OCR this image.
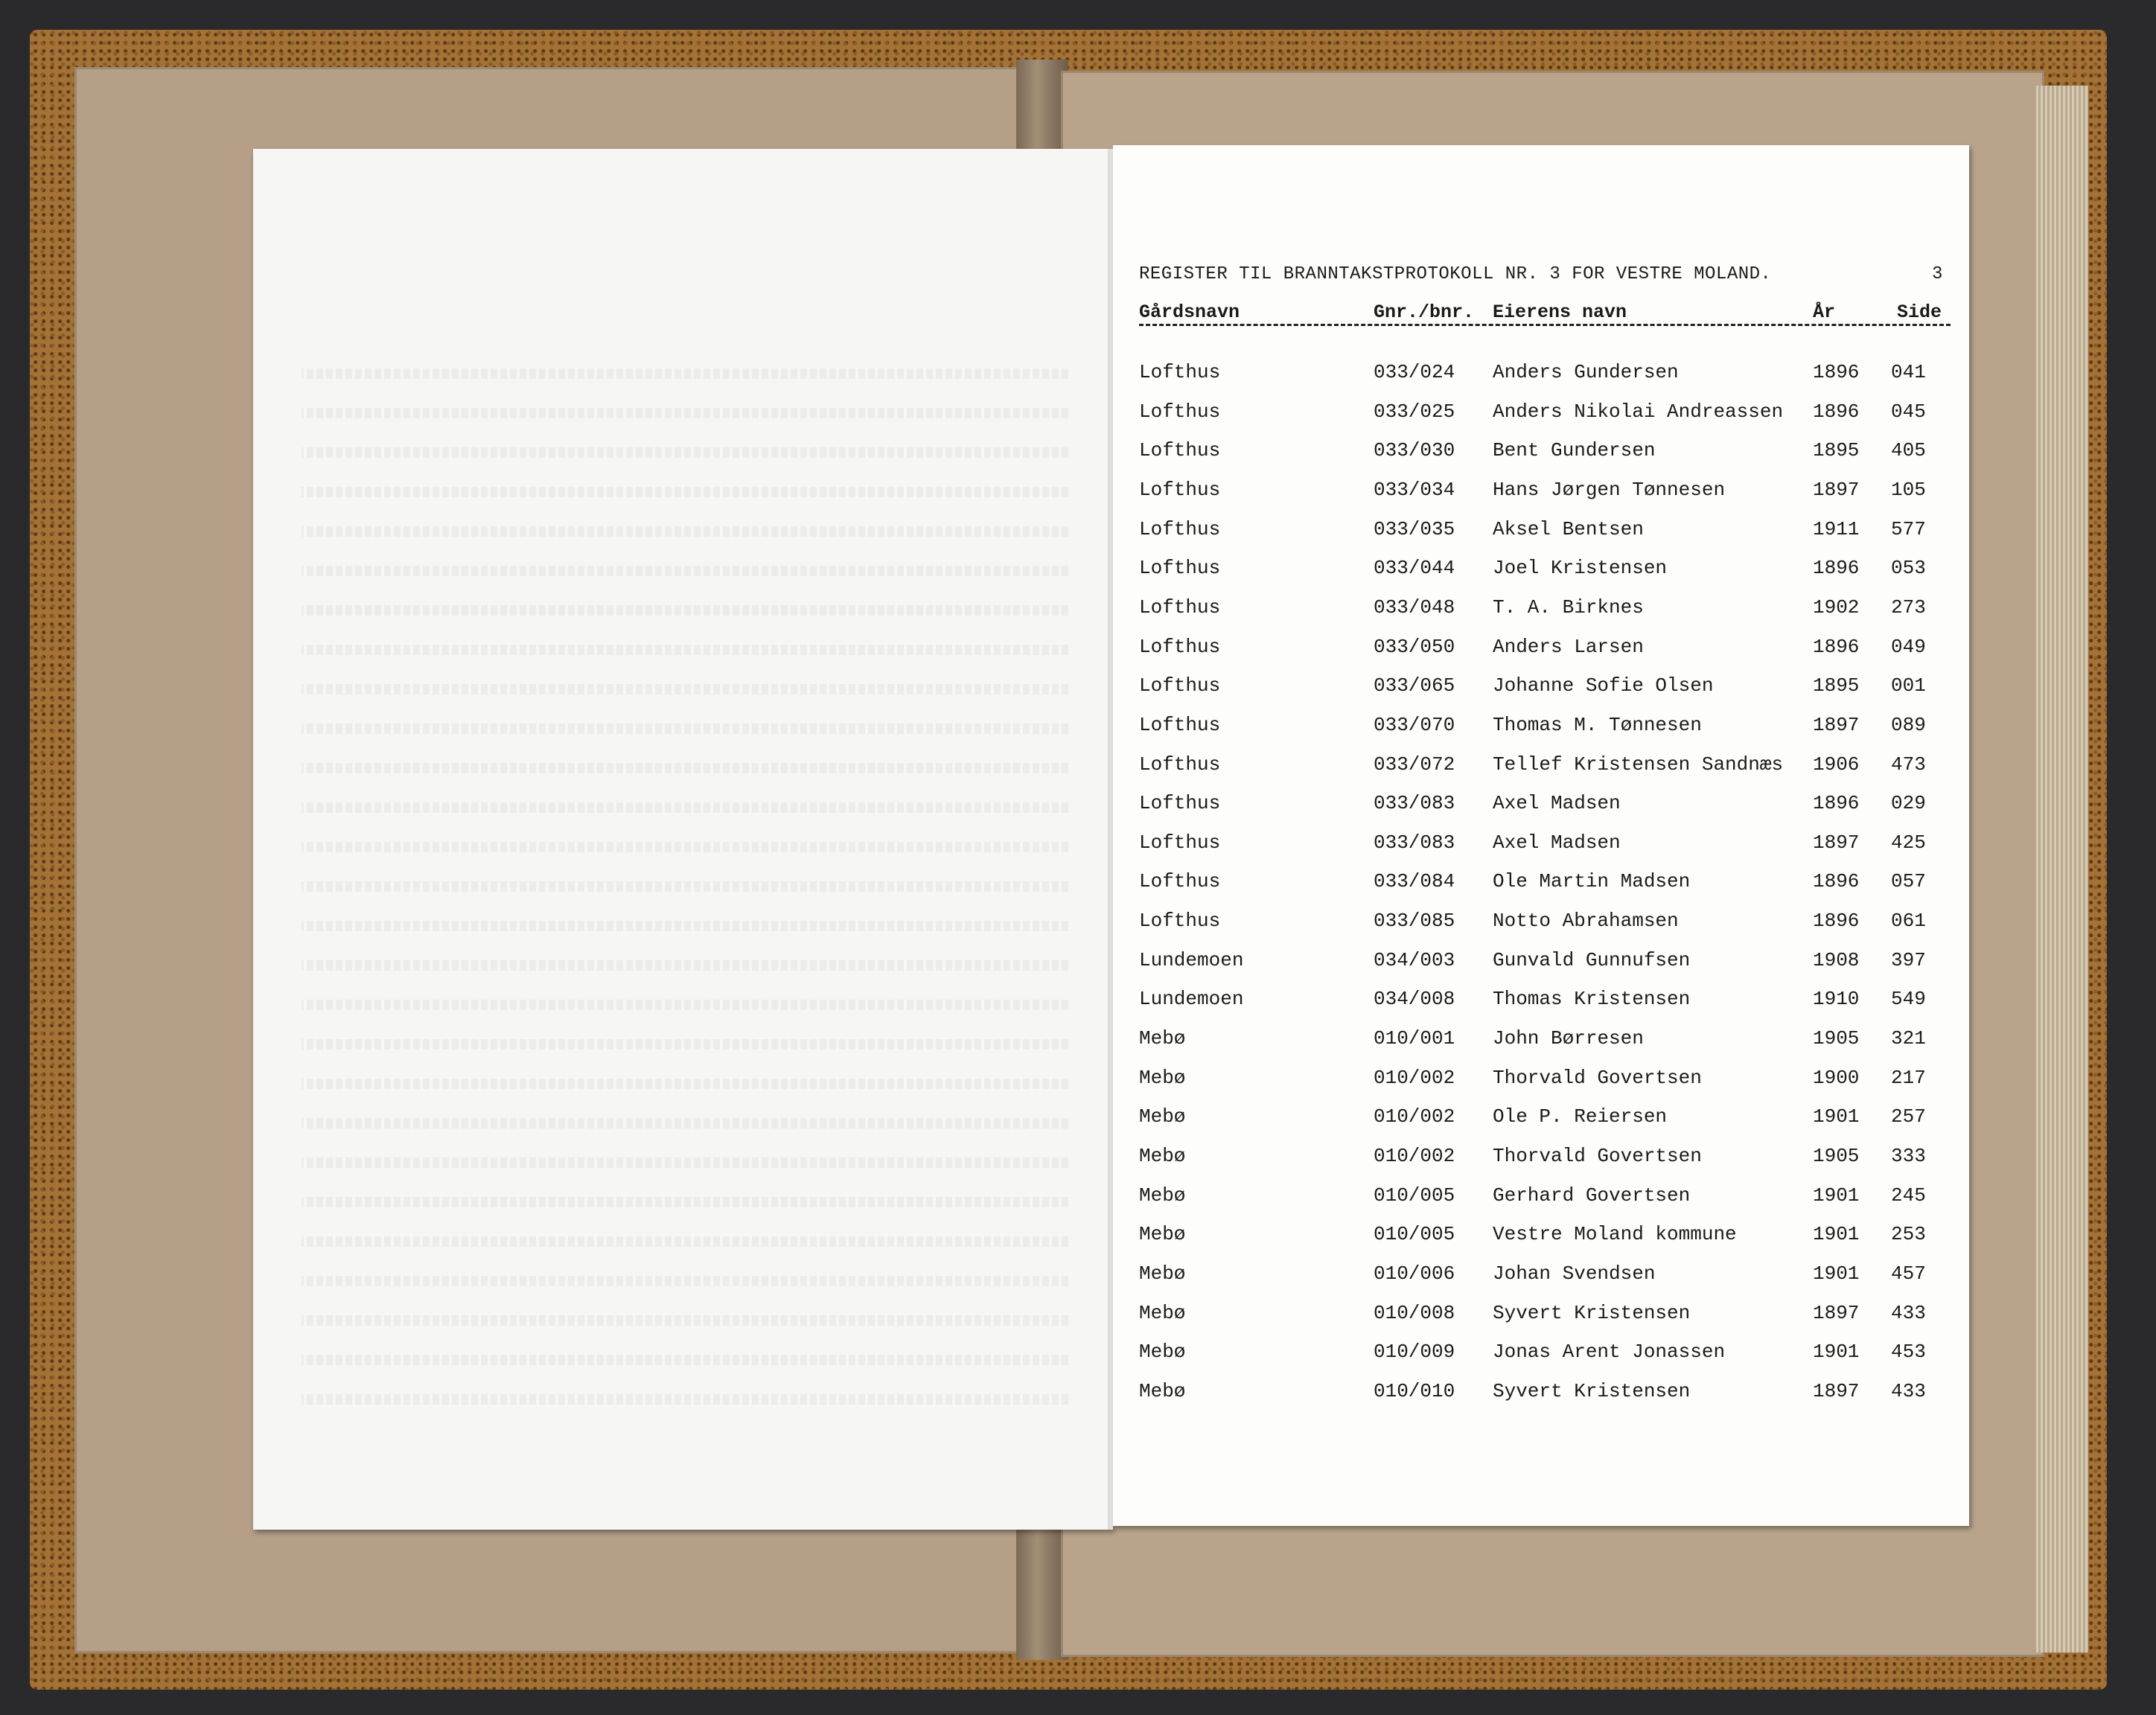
REGISTER TIL BRANNTAKSTPROTOKOLL NR. 3 FOR VESTRE MOLAND.	3
Gårdsnavn	Gnr./bnr. Eierens navn	År	Side
Lofthus	033/024 Anders Gundersen	1896 041
Lofthus	033/025 Anders Nikolai Andreassen 1896 045
Lofthus	033/030 Bent Gundersen	1895 405
Lofthus	033/034 Hans Jørgen Tønnesen	1897 105
Lofthus	033/035 Aksel Bentsen	1911 577
Lofthus	033/044 Joel Kristensen	1896 053
Lofthus	033/048 T. A. Birknes	1902 273
Lofthus	033/050 Anders Larsen	1896 049
Lofthus	033/065 Johanne Sofie Olsen	1895 001
Lofthus	033/070 Thomas M. Tønnesen	1897 089
Lofthus	033/072 Tellef Kristensen Sandnæs 1906 473
Lofthus	033/083 Axel Madsen	1896 029
Lofthus	033/083 Axel Madsen	1897 425
Lofthus	033/084 Ole Martin Madsen	1896 057
Lofthus	033/085 Notto Abrahamsen	1896 061
Lundemoen	034/003 Gunvald Gunnufsen	1908 397
Lundemoen	034/008 Thomas Kristensen	1910 549
Mebø	010/001 John Børresen	1905 321
Mebø	010/002 Thorvald Govertsen	1900 217
Mebø	010/002 Ole P. Reiersen	1901 257
Mebø	010/002 Thorvald Govertsen	1905 333
Mebø	010/005 Gerhard Govertsen	1901 245
Mebø	010/005 Vestre Moland kommune	1901 253
Mebø	010/006 Johan Svendsen	1901 457
Mebø	010/008 Syvert Kristensen	1897 433
Mebø	010/009 Jonas Arent Jonassen	1901 453
Mebø	010/010 Syvert Kristensen	1897 433
